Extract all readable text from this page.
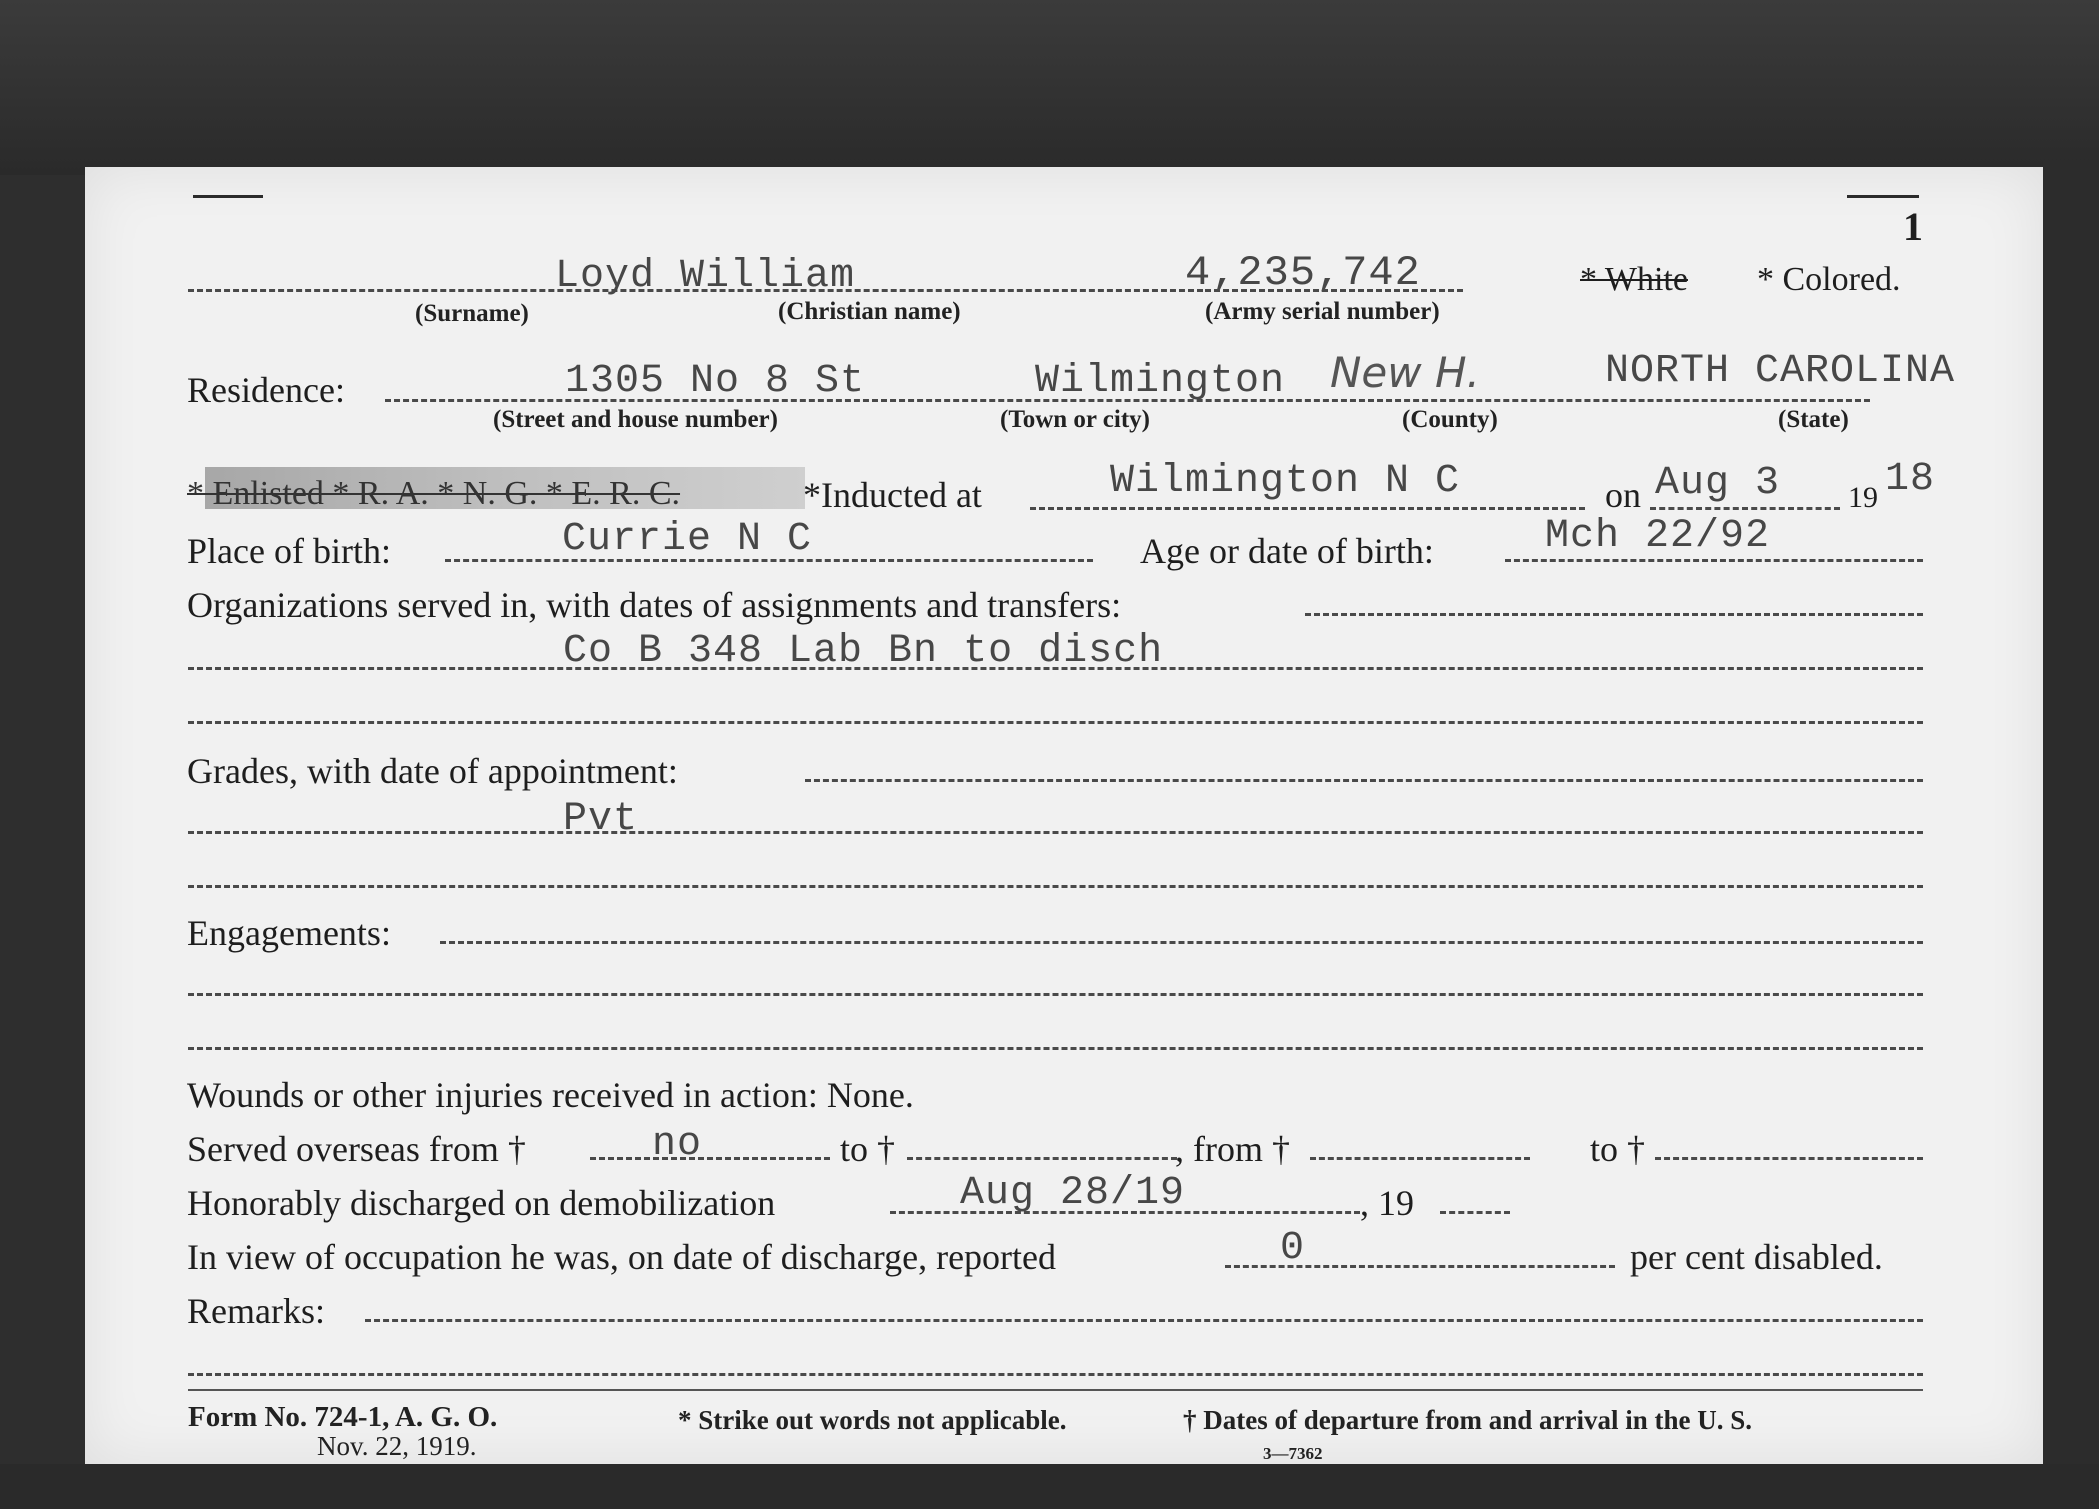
1
Loyd William	4,235,742	* White * Colored.
(Surname)	(Christian name)	(Army serial number)
Residence:	1305 No 8 St	Wilmington New H.	NORTH CAROLINA
(Street and house number)	(Town or city)	(County)	(State)
* Enlisted * R. A. * N. G. * E. R. C.	*Inducted at	Wilmington N C	on Aug 3 19 18
Place of birth:	Currie N C	Age or date of birth:	Mch 22/92
Organizations served in, with dates of assignments and transfers:
Co B 348 Lab Bn to disch
Grades, with date of appointment:
Pvt
Engagements:
Wounds or other injuries received in action: None.
Served overseas from †	no	to †	, from †	to †
Honorably discharged on demobilization	Aug 28/19	, 19
In view of occupation he was, on date of discharge, reported	0	per cent disabled.
Remarks:
Form No. 724-1, A. G. O.
Nov. 22, 1919.
* Strike out words not applicable.	† Dates of departure from and arrival in the U. S.
3—7362
